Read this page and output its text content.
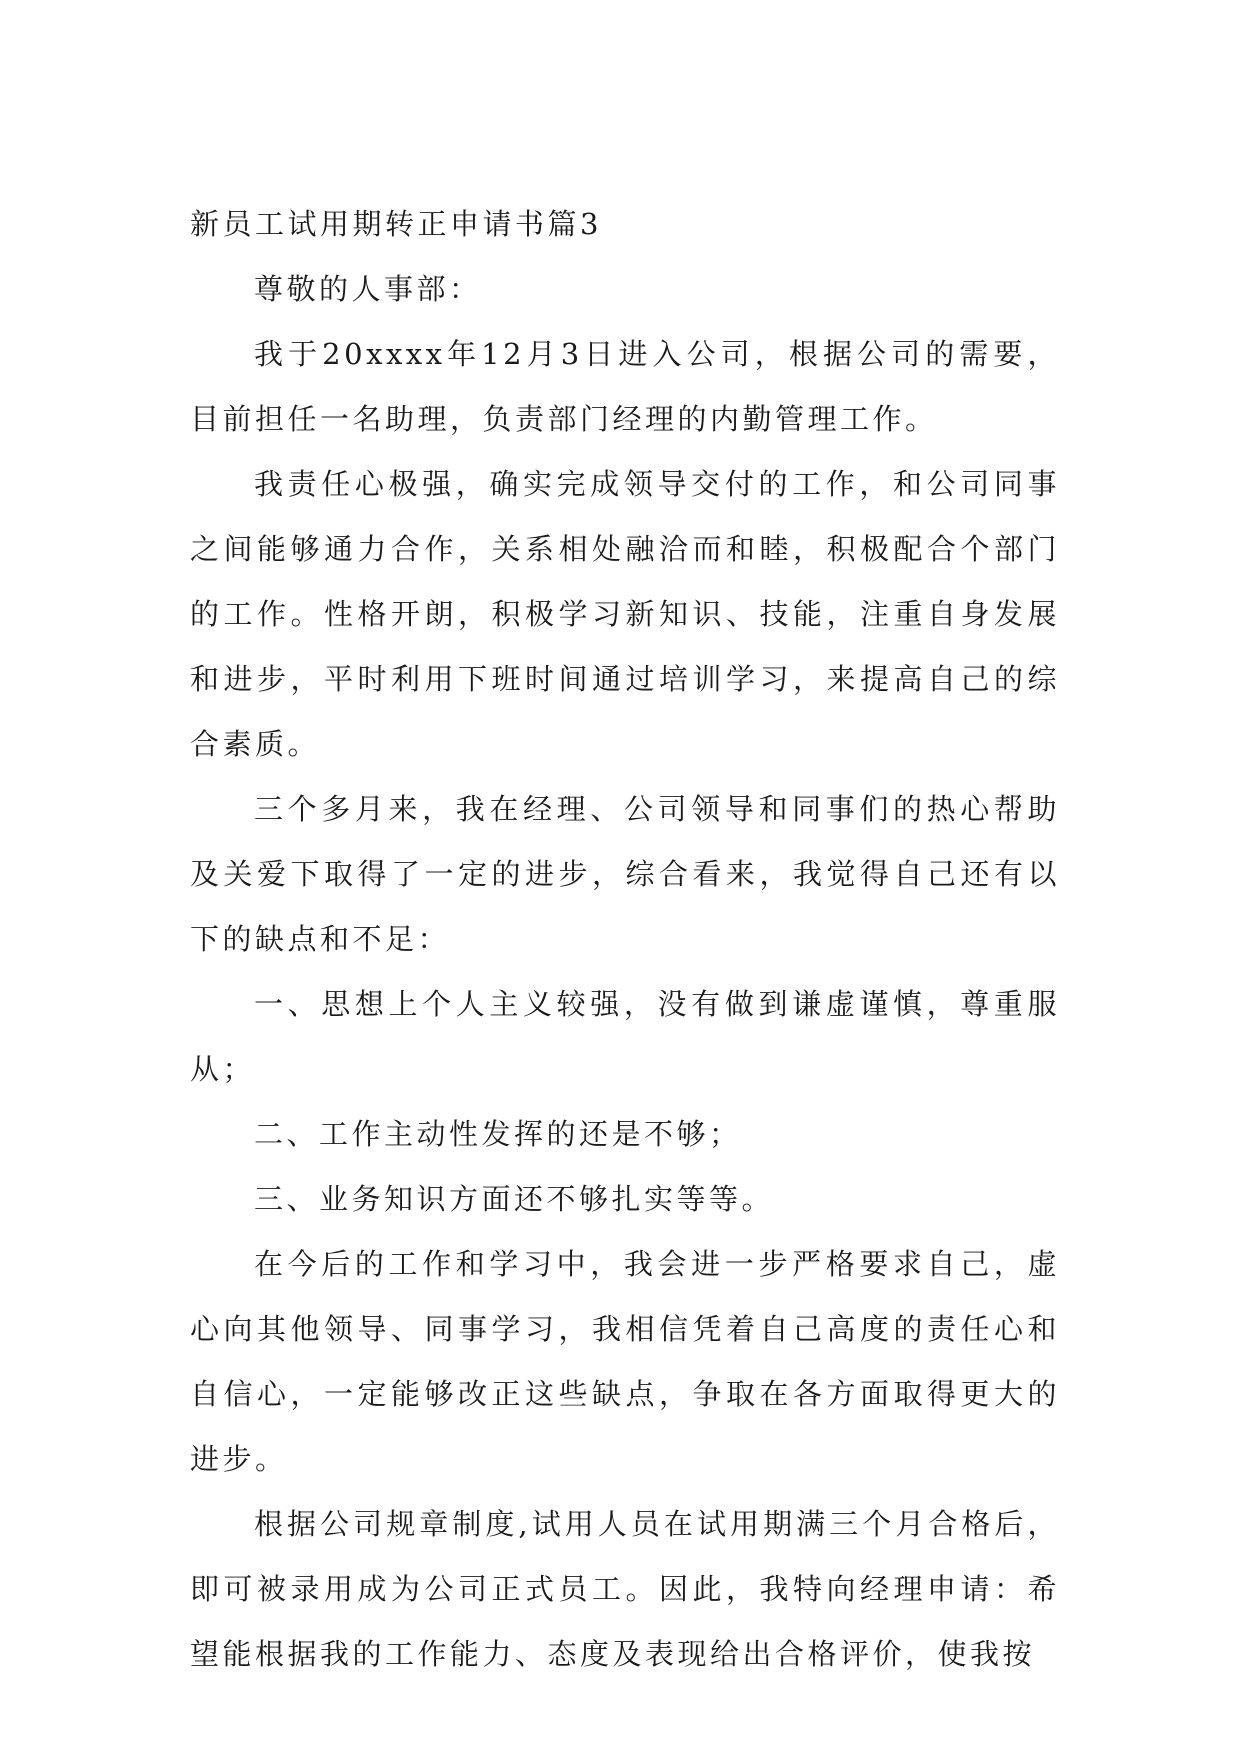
新员工试用期转正申请书篇3

尊敬的人事部：

我于20xxxx年12月3日进入公司，根据公司的需要，目前担任一名助理，负责部门经理的内勤管理工作。

我责任心极强，确实完成领导交付的工作，和公司同事之间能够通力合作，关系相处融洽而和睦，积极配合个部门的工作。性格开朗，积极学习新知识、技能，注重自身发展和进步，平时利用下班时间通过培训学习，来提高自己的综合素质。

三个多月来，我在经理、公司领导和同事们的热心帮助及关爱下取得了一定的进步，综合看来，我觉得自己还有以下的缺点和不足：

一、思想上个人主义较强，没有做到谦虚谨慎，尊重服从；

二、工作主动性发挥的还是不够；

三、业务知识方面还不够扎实等等。

在今后的工作和学习中，我会进一步严格要求自己，虚心向其他领导、同事学习，我相信凭着自己高度的责任心和自信心，一定能够改正这些缺点，争取在各方面取得更大的进步。

根据公司规章制度,试用人员在试用期满三个月合格后，即可被录用成为公司正式员工。因此，我特向经理申请：希望能根据我的工作能力、态度及表现给出合格评价，使我按
